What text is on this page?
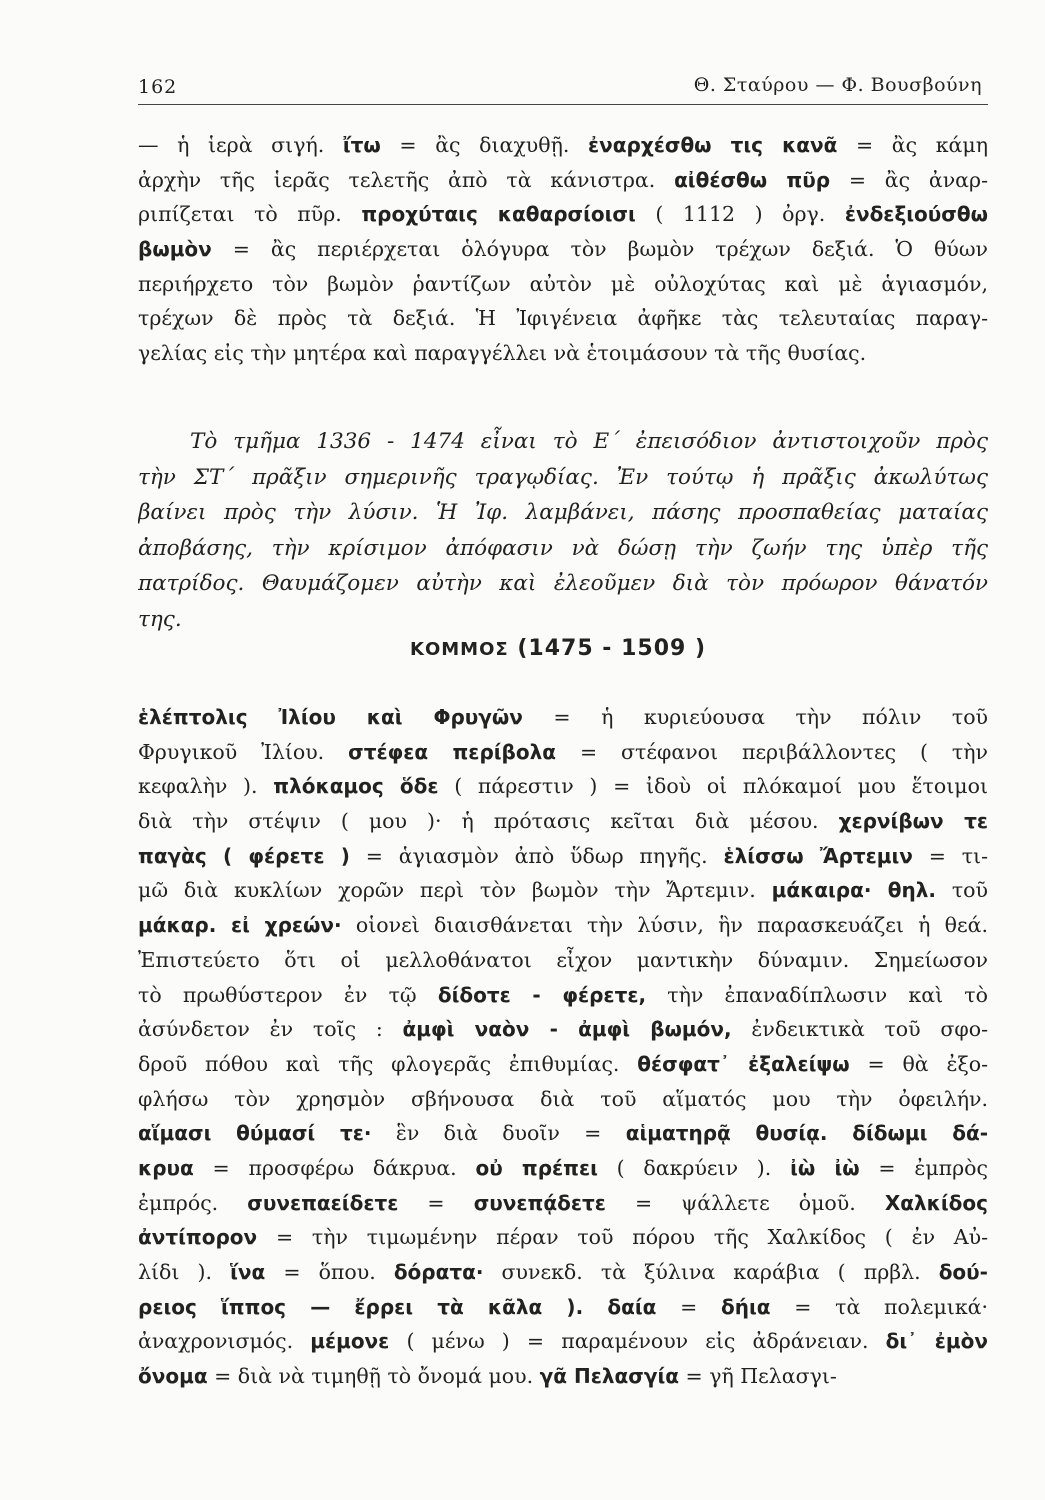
162	Θ. Σταύρου — Φ. Βουσβούνη
— ἡ ἱερὰ σιγή. ἴτω = ἂς διαχυθῇ. ἐναρχέσθω τις κανᾶ = ἂς κάμη
ἀρχὴν τῆς ἱερᾶς τελετῆς ἀπὸ τὰ κάνιστρα. αἰθέσθω πῦρ = ἂς ἀναρ-
ριπίζεται τὸ πῦρ. προχύταις καθαρσίοισι ( 1112 ) ὀργ. ἐνδεξιούσθω
βωμὸν = ἂς περιέρχεται ὁλόγυρα τὸν βωμὸν τρέχων δεξιά. Ὁ θύων
περιήρχετο τὸν βωμὸν ῥαντίζων αὐτὸν μὲ οὐλοχύτας καὶ μὲ ἁγιασμόν,
τρέχων δὲ πρὸς τὰ δεξιά. Ἡ Ἰφιγένεια ἀφῆκε τὰς τελευταίας παραγ-
γελίας εἰς τὴν μητέρα καὶ παραγγέλλει νὰ ἑτοιμάσουν τὰ τῆς θυσίας.
Τὸ τμῆμα 1336 - 1474 εἶναι τὸ Ε΄ ἐπεισόδιον ἀντιστοιχοῦν πρὸς
τὴν ΣΤ΄ πρᾶξιν σημερινῆς τραγῳδίας. Ἐν τούτῳ ἡ πρᾶξις ἀκωλύτως
βαίνει πρὸς τὴν λύσιν. Ἡ Ἰφ. λαμβάνει, πάσης προσπαθείας ματαίας
ἀποβάσης, τὴν κρίσιμον ἀπόφασιν νὰ δώσῃ τὴν ζωήν της ὑπὲρ τῆς
πατρίδος. Θαυμάζομεν αὐτὴν καὶ ἐλεοῦμεν διὰ τὸν πρόωρον θάνατόν
της.
ΚΟΜΜΟΣ (1475 - 1509 )
ἑλέπτολις Ἰλίου καὶ Φρυγῶν = ἡ κυριεύουσα τὴν πόλιν τοῦ
Φρυγικοῦ Ἰλίου. στέφεα περίβολα = στέφανοι περιβάλλοντες ( τὴν
κεφαλὴν ). πλόκαμος ὅδε ( πάρεστιν ) = ἰδοὺ οἱ πλόκαμοί μου ἕτοιμοι
διὰ τὴν στέψιν ( μου )· ἡ πρότασις κεῖται διὰ μέσου. χερνίβων τε
παγὰς ( φέρετε ) = ἁγιασμὸν ἀπὸ ὕδωρ πηγῆς. ἑλίσσω Ἄρτεμιν = τι-
μῶ διὰ κυκλίων χορῶν περὶ τὸν βωμὸν τὴν Ἄρτεμιν. μάκαιρα· θηλ. τοῦ
μάκαρ. εἰ χρεών· οἱονεὶ διαισθάνεται τὴν λύσιν, ἣν παρασκευάζει ἡ θεά.
Ἐπιστεύετο ὅτι οἱ μελλοθάνατοι εἶχον μαντικὴν δύναμιν. Σημείωσον
τὸ πρωθύστερον ἐν τῷ δίδοτε - φέρετε, τὴν ἐπαναδίπλωσιν καὶ τὸ
ἀσύνδετον ἐν τοῖς : ἀμφὶ ναὸν - ἀμφὶ βωμόν, ἐνδεικτικὰ τοῦ σφο-
δροῦ πόθου καὶ τῆς φλογερᾶς ἐπιθυμίας. θέσφατ᾽ ἐξαλείψω = θὰ ἐξο-
φλήσω τὸν χρησμὸν σβήνουσα διὰ τοῦ αἵματός μου τὴν ὀφειλήν.
αἵμασι θύμασί τε· ἓν διὰ δυοῖν = αἱματηρᾷ θυσίᾳ. δίδωμι δά-
κρυα = προσφέρω δάκρυα. οὐ πρέπει ( δακρύειν ). ἰὼ ἰὼ = ἐμπρὸς
ἐμπρός. συνεπαείδετε = συνεπᾴδετε = ψάλλετε ὁμοῦ. Χαλκίδος
ἀντίπορον = τὴν τιμωμένην πέραν τοῦ πόρου τῆς Χαλκίδος ( ἐν Αὐ-
λίδι ). ἵνα = ὅπου. δόρατα· συνεκδ. τὰ ξύλινα καράβια ( πρβλ. δού-
ρειος ἵππος — ἔρρει τὰ κᾶλα ). δαία = δήια = τὰ πολεμικά·
ἀναχρονισμός. μέμονε ( μένω ) = παραμένουν εἰς ἀδράνειαν. δι᾽ ἐμὸν
ὄνομα = διὰ νὰ τιμηθῇ τὸ ὄνομά μου. γᾶ Πελασγία = γῆ Πελασγι-
